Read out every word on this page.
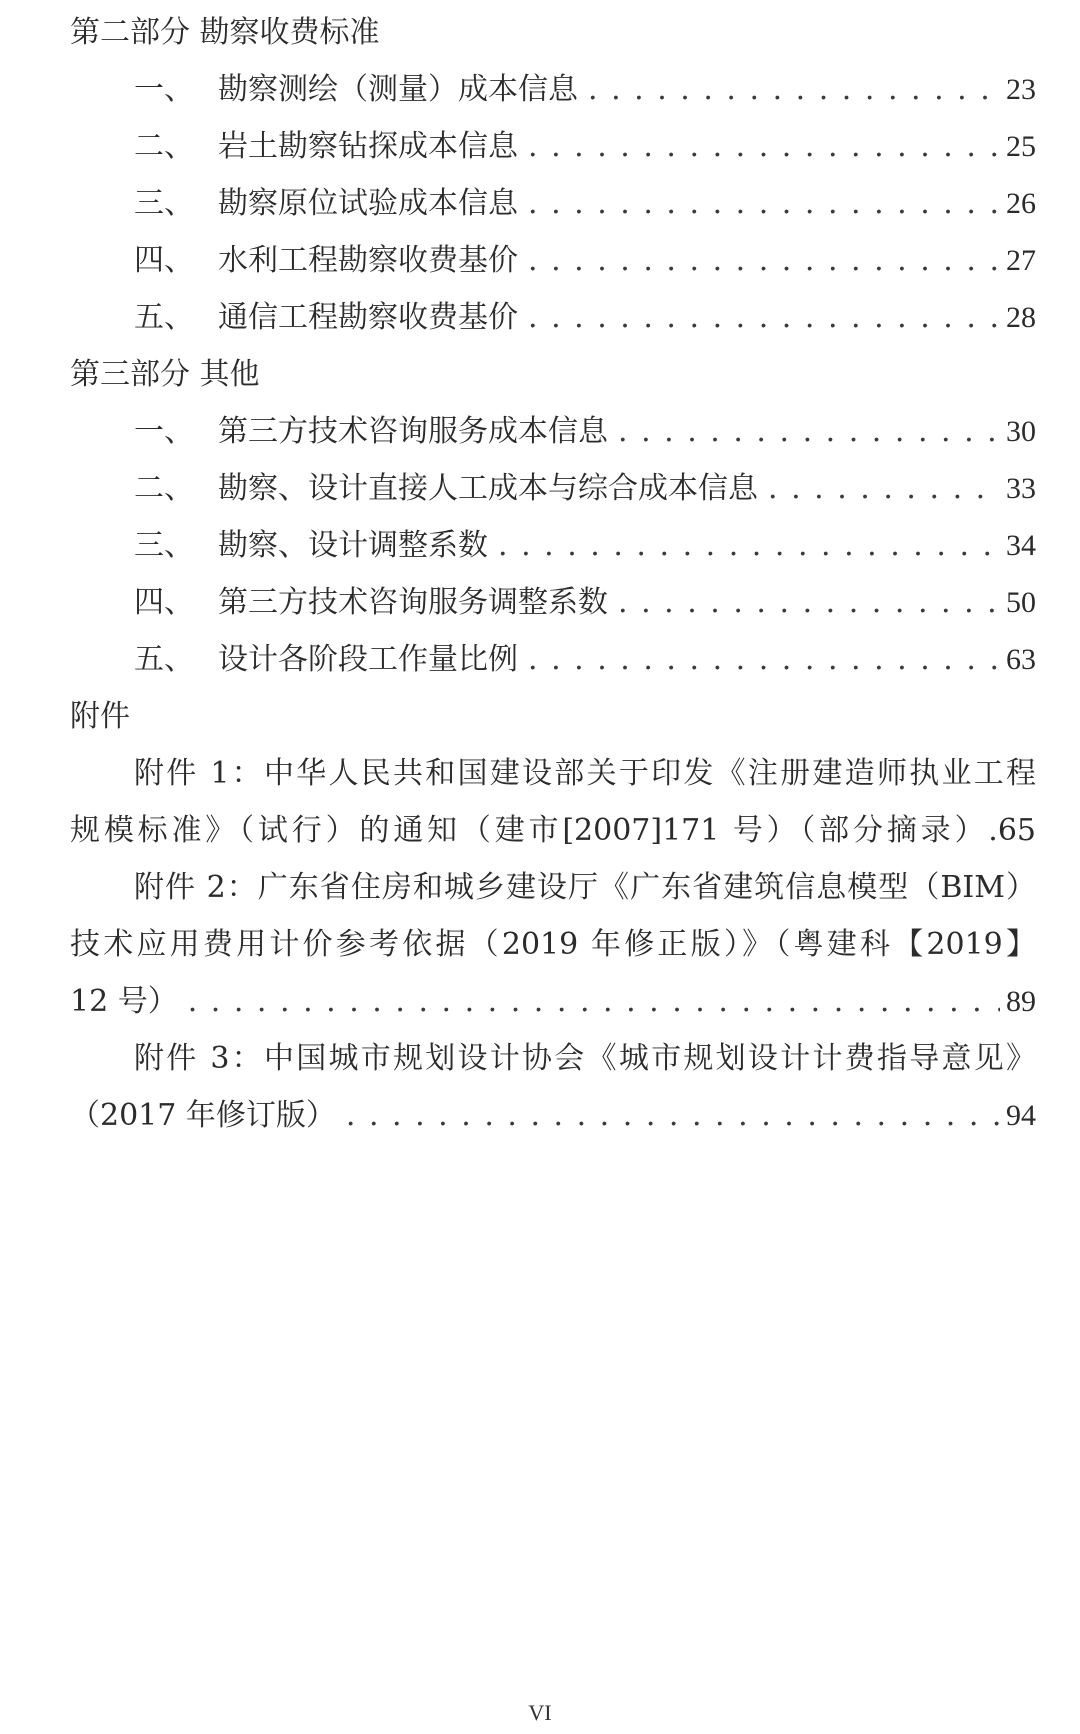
第二部分 勘察收费标准
一、 勘察测绘（测量）成本信息 . . .	23
二、 岩土勘察钻探成本信息 . . .	25
三、 勘察原位试验成本信息 . . .	26
四、 水利工程勘察收费基价 . . .	27
五、 通信工程勘察收费基价 . . .	28
第三部分 其他
一、 第三方技术咨询服务成本信息 . . .	30
二、 勘察、设计直接人工成本与综合成本信息 . . .	33
三、 勘察、设计调整系数 . . .	34
四、 第三方技术咨询服务调整系数 . . .	50
五、 设计各阶段工作量比例 . . .	63
附件
附件 1：中华人民共和国建设部关于印发《注册建造师执业工程
规模标准》（试行）的通知（建市[2007]171 号）（部分摘录）.65
附件 2：广东省住房和城乡建设厅《广东省建筑信息模型（BIM）
技术应用费用计价参考依据（2019 年修正版）》（粤建科【2019】
12 号） . . .	89
附件 3：中国城市规划设计协会《城市规划设计计费指导意见》
（2017 年修订版） . . .	94
VI
